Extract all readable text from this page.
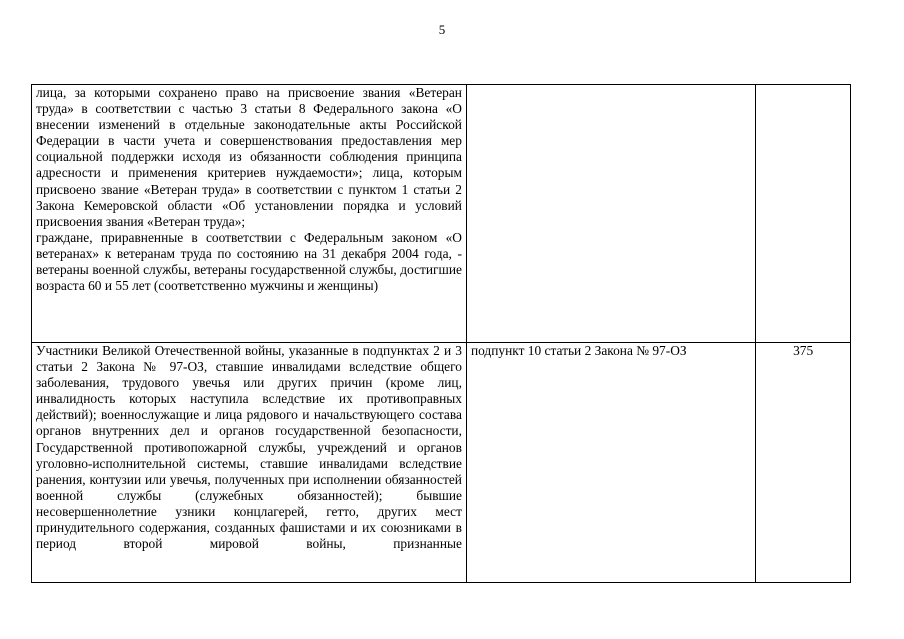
5

лица, за которыми сохранено право на присвоение звания «Ветеран труда» в соответствии с частью 3 статьи 8 Федерального закона «О внесении изменений в отдельные законодательные акты Российской Федерации в части учета и совершенствования предоставления мер социальной поддержки исходя из обязанности соблюдения принципа адресности и применения критериев нуждаемости»; лица, которым присвоено звание «Ветеран труда» в соответствии с пунктом 1 статьи 2 Закона Кемеровской области «Об установлении порядка и условий присвоения звания «Ветеран труда»;

граждане, приравненные в соответствии с Федеральным законом «О ветеранах» к ветеранам труда по состоянию на 31 декабря 2004 года, - ветераны военной службы, ветераны государственной службы, достигшие возраста 60 и 55 лет (соответственно мужчины и женщины)		

Участники Великой Отечественной войны, указанные в подпунктах 2 и 3 статьи 2 Закона № 97-ОЗ, ставшие инвалидами вследствие общего заболевания, трудового увечья или других причин (кроме лиц, инвалидность которых наступила вследствие их противоправных действий); военнослужащие и лица рядового и начальствующего состава органов внутренних дел и органов государственной безопасности, Государственной противопожарной службы, учреждений и органов уголовно-исполнительной системы, ставшие инвалидами вследствие ранения, контузии или увечья, полученных при исполнении обязанностей военной службы (служебных обязанностей); бывшие несовершеннолетние узники концлагерей, гетто, других мест принудительного содержания, созданных фашистами и их союзниками в период второй мировой войны, признанные	подпункт 10 статьи 2 Закона № 97-ОЗ	375
